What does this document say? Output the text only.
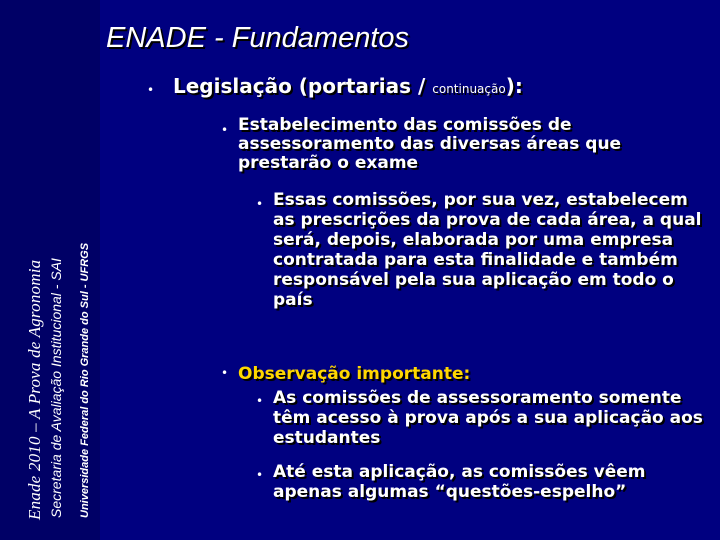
Enade 2010 – A Prova de Agronomia Secretaria de Avaliação Institucional - SAI Universidade Federal do Rio Grande do Sul - UFRGS
ENADE - Fundamentos
• Legislação (portarias / continuação):
• Estabelecimento das comissões de assessoramento das diversas áreas que prestarão o exame
• Essas comissões, por sua vez, estabelecem as prescrições da prova de cada área, a qual será, depois, elaborada por uma empresa contratada para esta finalidade e também responsável pela sua aplicação em todo o país
• Observação importante:
• As comissões de assessoramento somente têm acesso à prova após a sua aplicação aos estudantes
• Até esta aplicação, as comissões vêem apenas algumas “questões-espelho”
